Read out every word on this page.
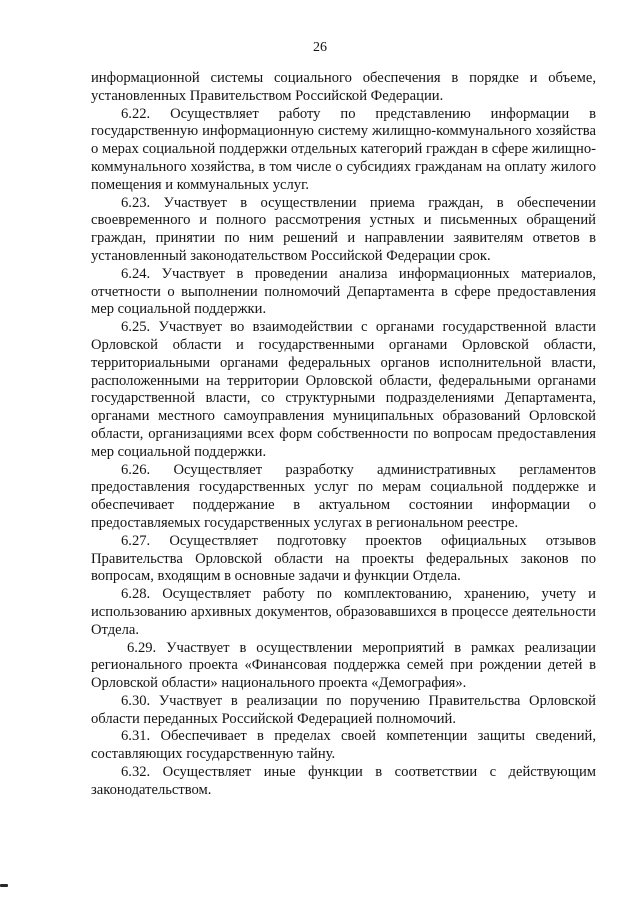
26

информационной системы социального обеспечения в порядке и объеме, установленных Правительством Российской Федерации.

6.22. Осуществляет работу по представлению информации в государственную информационную систему жилищно-коммунального хозяйства о мерах социальной поддержки отдельных категорий граждан в сфере жилищно-коммунального хозяйства, в том числе о субсидиях гражданам на оплату жилого помещения и коммунальных услуг.

6.23. Участвует в осуществлении приема граждан, в обеспечении своевременного и полного рассмотрения устных и письменных обращений граждан, принятии по ним решений и направлении заявителям ответов в установленный законодательством Российской Федерации срок.

6.24. Участвует в проведении анализа информационных материалов, отчетности о выполнении полномочий Департамента в сфере предоставления мер социальной поддержки.

6.25. Участвует во взаимодействии с органами государственной власти Орловской области и государственными органами Орловской области, территориальными органами федеральных органов исполнительной власти, расположенными на территории Орловской области, федеральными органами государственной власти, со структурными подразделениями Департамента, органами местного самоуправления муниципальных образований Орловской области, организациями всех форм собственности по вопросам предоставления мер социальной поддержки.

6.26. Осуществляет разработку административных регламентов предоставления государственных услуг по мерам социальной поддержке и обеспечивает поддержание в актуальном состоянии информации о предоставляемых государственных услугах в региональном реестре.

6.27. Осуществляет подготовку проектов официальных отзывов Правительства Орловской области на проекты федеральных законов по вопросам, входящим в основные задачи и функции Отдела.

6.28. Осуществляет работу по комплектованию, хранению, учету и использованию архивных документов, образовавшихся в процессе деятельности Отдела.

6.29. Участвует в осуществлении мероприятий в рамках реализации регионального проекта «Финансовая поддержка семей при рождении детей в Орловской области» национального проекта «Демография».

6.30. Участвует в реализации по поручению Правительства Орловской области переданных Российской Федерацией полномочий.

6.31. Обеспечивает в пределах своей компетенции защиты сведений, составляющих государственную тайну.

6.32. Осуществляет иные функции в соответствии с действующим законодательством.
